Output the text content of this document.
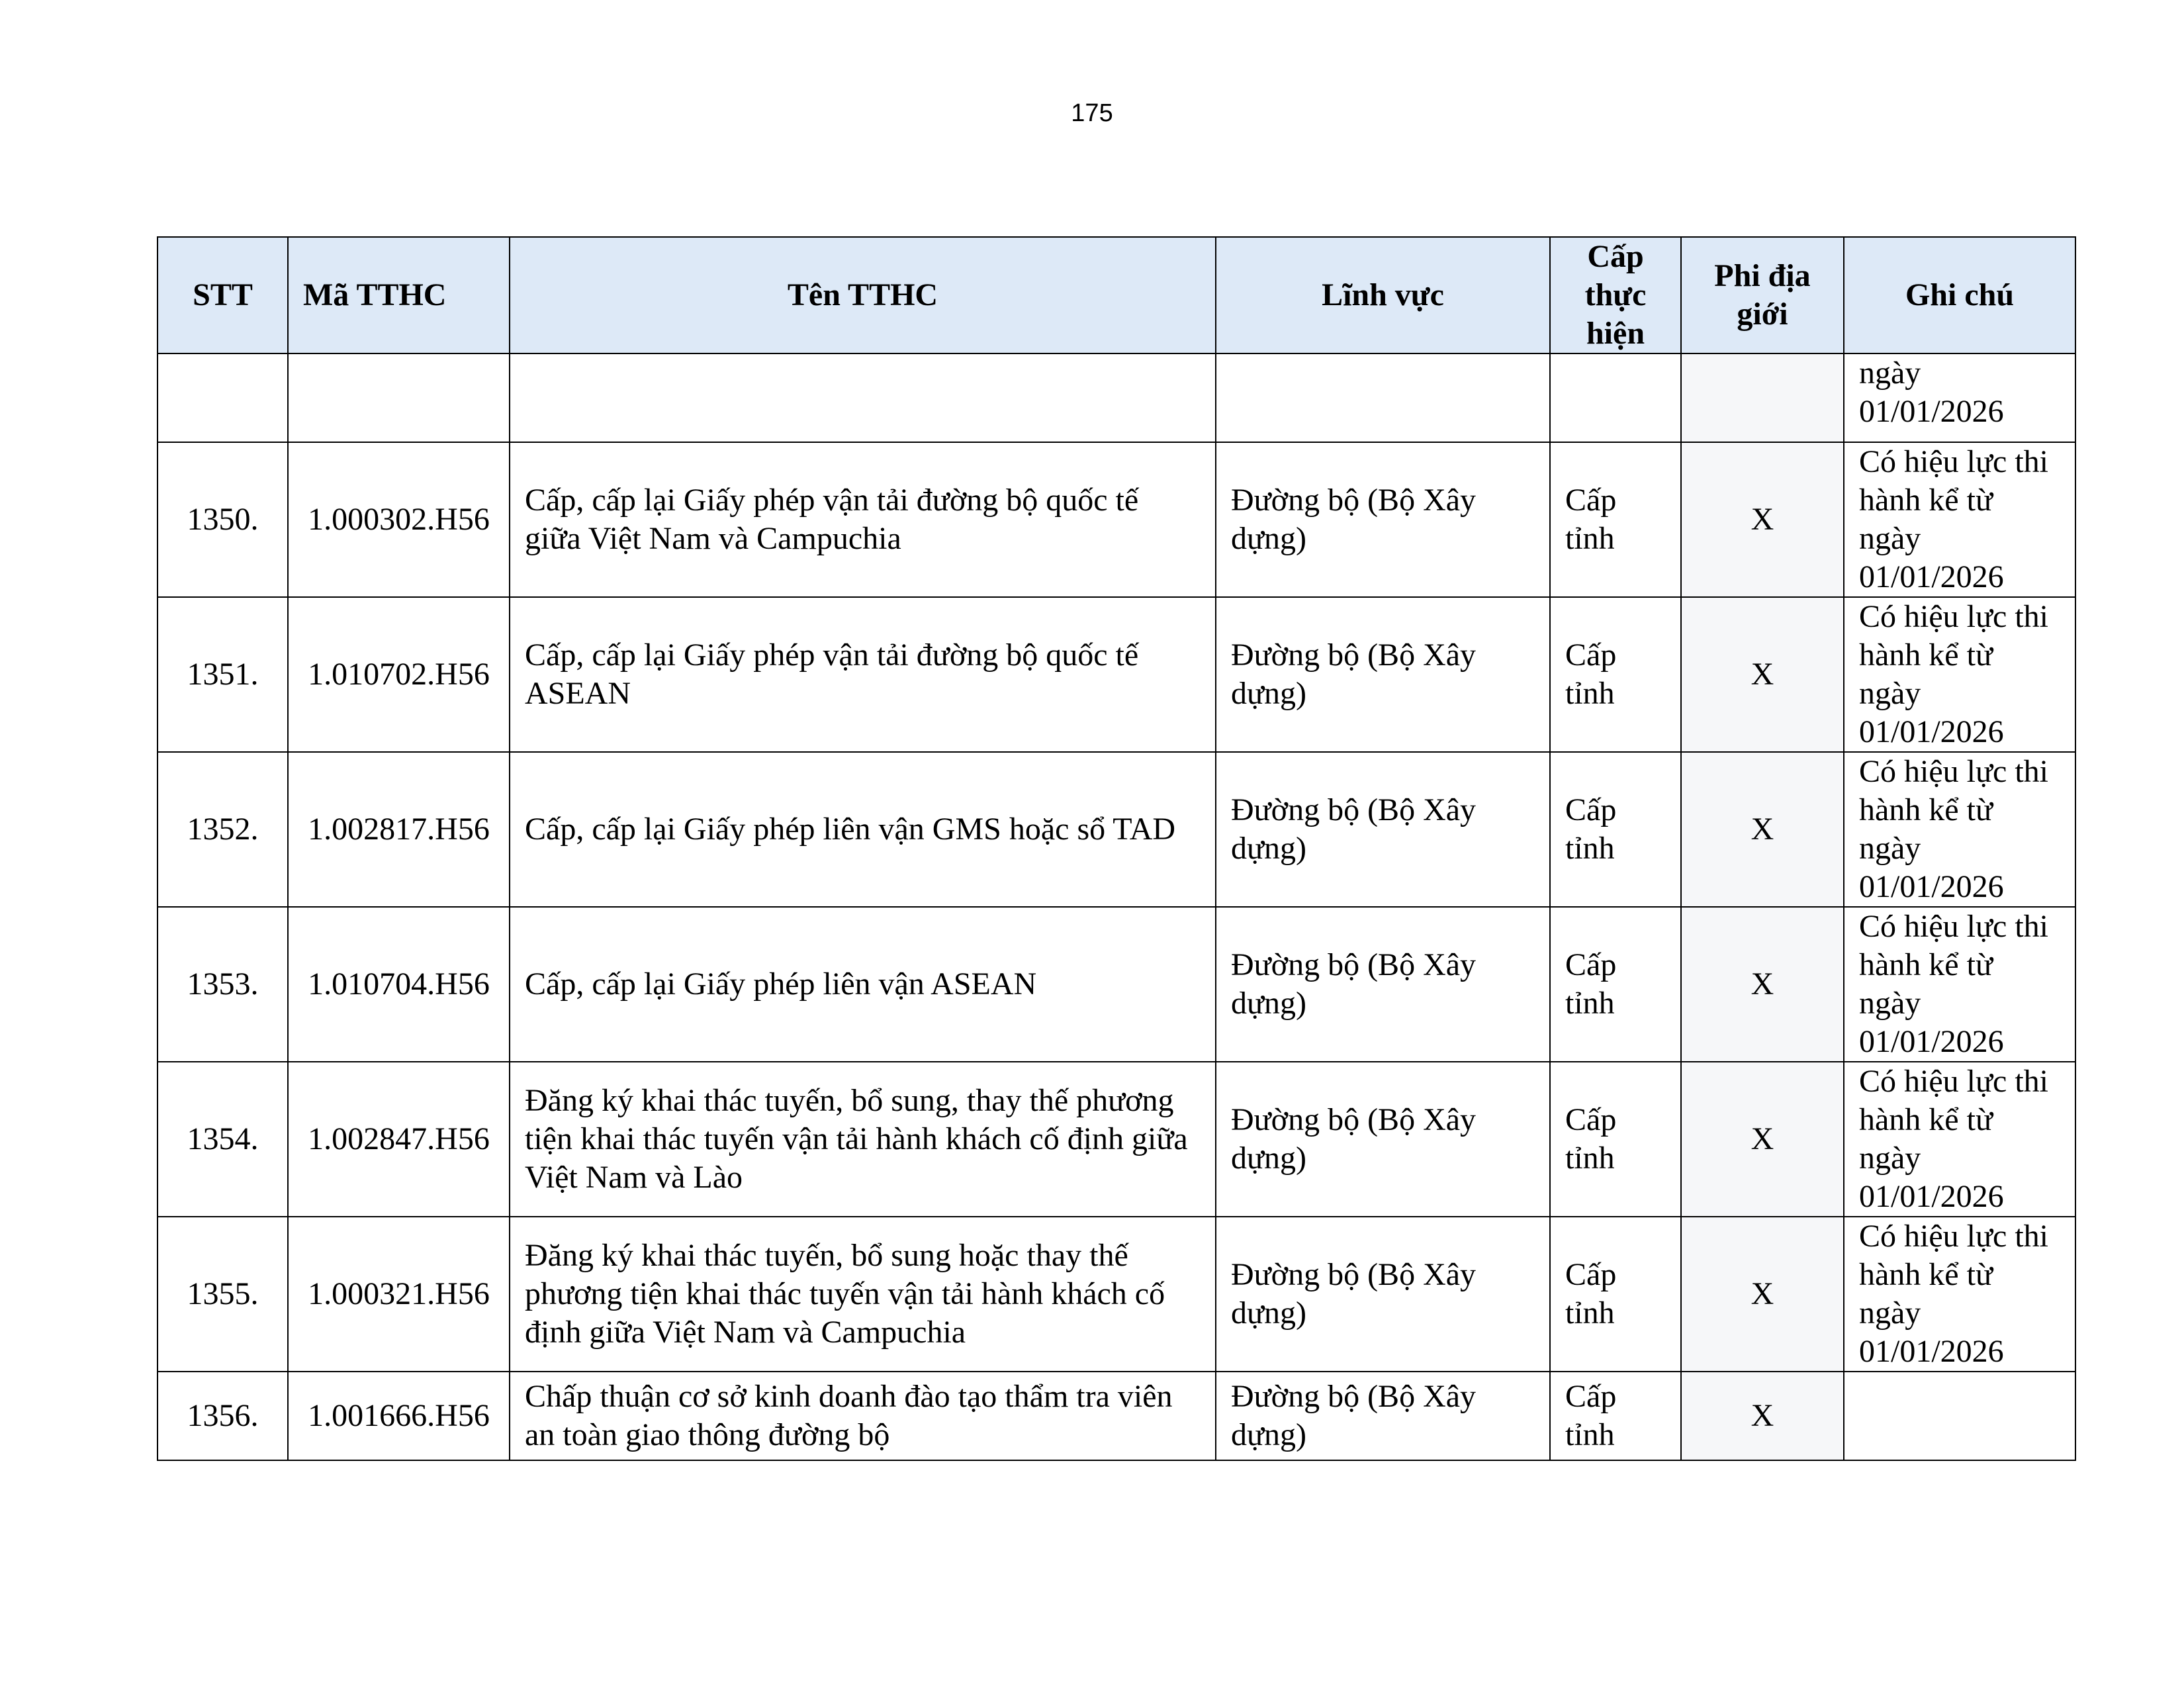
175
STT	Mã TTHC	Tên TTHC	Lĩnh vực	Cấp thực hiện	Phi địa giới	Ghi chú
						ngày 01/01/2026
1350.	1.000302.H56	Cấp, cấp lại Giấy phép vận tải đường bộ quốc tế giữa Việt Nam và Campuchia	Đường bộ (Bộ Xây dựng)	Cấp tỉnh	X	Có hiệu lực thi hành kể từ ngày 01/01/2026
1351.	1.010702.H56	Cấp, cấp lại Giấy phép vận tải đường bộ quốc tế ASEAN	Đường bộ (Bộ Xây dựng)	Cấp tỉnh	X	Có hiệu lực thi hành kể từ ngày 01/01/2026
1352.	1.002817.H56	Cấp, cấp lại Giấy phép liên vận GMS hoặc sổ TAD	Đường bộ (Bộ Xây dựng)	Cấp tỉnh	X	Có hiệu lực thi hành kể từ ngày 01/01/2026
1353.	1.010704.H56	Cấp, cấp lại Giấy phép liên vận ASEAN	Đường bộ (Bộ Xây dựng)	Cấp tỉnh	X	Có hiệu lực thi hành kể từ ngày 01/01/2026
1354.	1.002847.H56	Đăng ký khai thác tuyến, bổ sung, thay thế phương tiện khai thác tuyến vận tải hành khách cố định giữa Việt Nam và Lào	Đường bộ (Bộ Xây dựng)	Cấp tỉnh	X	Có hiệu lực thi hành kể từ ngày 01/01/2026
1355.	1.000321.H56	Đăng ký khai thác tuyến, bổ sung hoặc thay thế phương tiện khai thác tuyến vận tải hành khách cố định giữa Việt Nam và Campuchia	Đường bộ (Bộ Xây dựng)	Cấp tỉnh	X	Có hiệu lực thi hành kể từ ngày 01/01/2026
1356.	1.001666.H56	Chấp thuận cơ sở kinh doanh đào tạo thẩm tra viên an toàn giao thông đường bộ	Đường bộ (Bộ Xây dựng)	Cấp tỉnh	X	
